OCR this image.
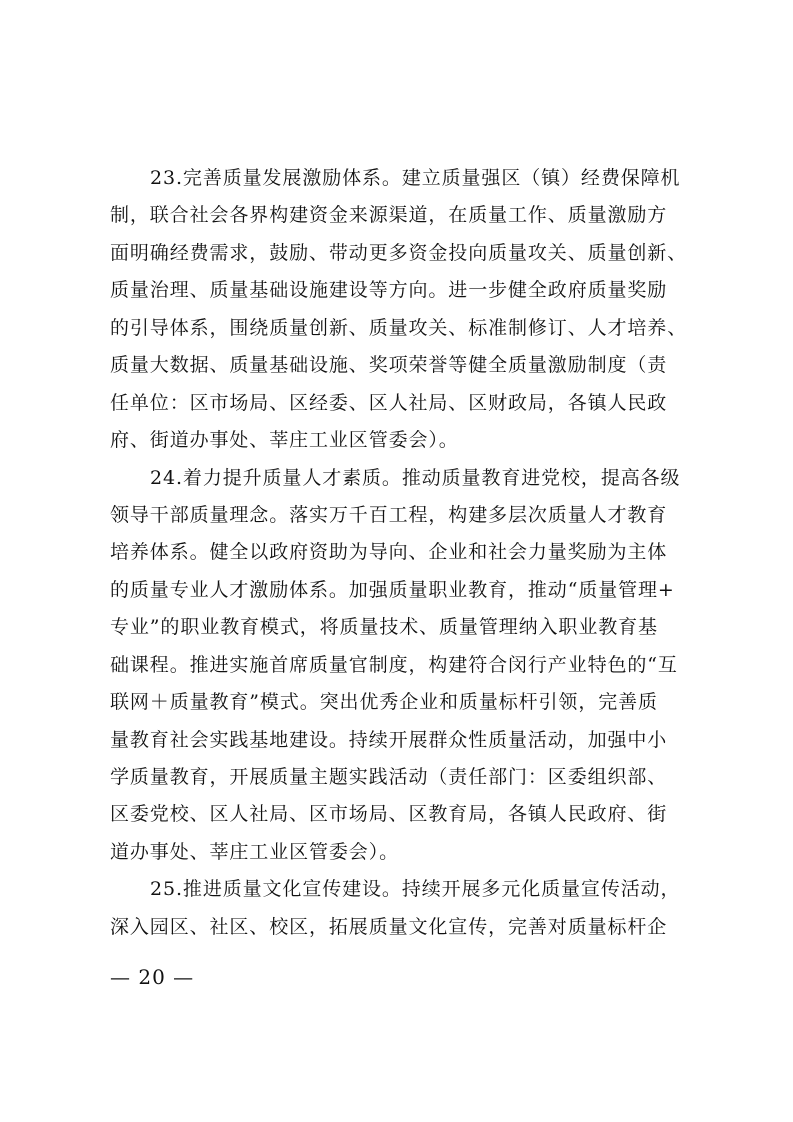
23.完善质量发展激励体系。建立质量强区（镇）经费保障机
制，联合社会各界构建资金来源渠道，在质量工作、质量激励方
面明确经费需求，鼓励、带动更多资金投向质量攻关、质量创新、
质量治理、质量基础设施建设等方向。进一步健全政府质量奖励
的引导体系，围绕质量创新、质量攻关、标准制修订、人才培养、
质量大数据、质量基础设施、奖项荣誉等健全质量激励制度（责
任单位：区市场局、区经委、区人社局、区财政局，各镇人民政
府、街道办事处、莘庄工业区管委会）。
24.着力提升质量人才素质。推动质量教育进党校，提高各级
领导干部质量理念。落实万千百工程，构建多层次质量人才教育
培养体系。健全以政府资助为导向、企业和社会力量奖励为主体
的质量专业人才激励体系。加强质量职业教育，推动“质量管理+
专业”的职业教育模式，将质量技术、质量管理纳入职业教育基
础课程。推进实施首席质量官制度，构建符合闵行产业特色的“互
联网＋质量教育”模式。突出优秀企业和质量标杆引领，完善质
量教育社会实践基地建设。持续开展群众性质量活动，加强中小
学质量教育，开展质量主题实践活动（责任部门：区委组织部、
区委党校、区人社局、区市场局、区教育局，各镇人民政府、街
道办事处、莘庄工业区管委会）。
25.推进质量文化宣传建设。持续开展多元化质量宣传活动，
深入园区、社区、校区，拓展质量文化宣传，完善对质量标杆企
— 20 —
